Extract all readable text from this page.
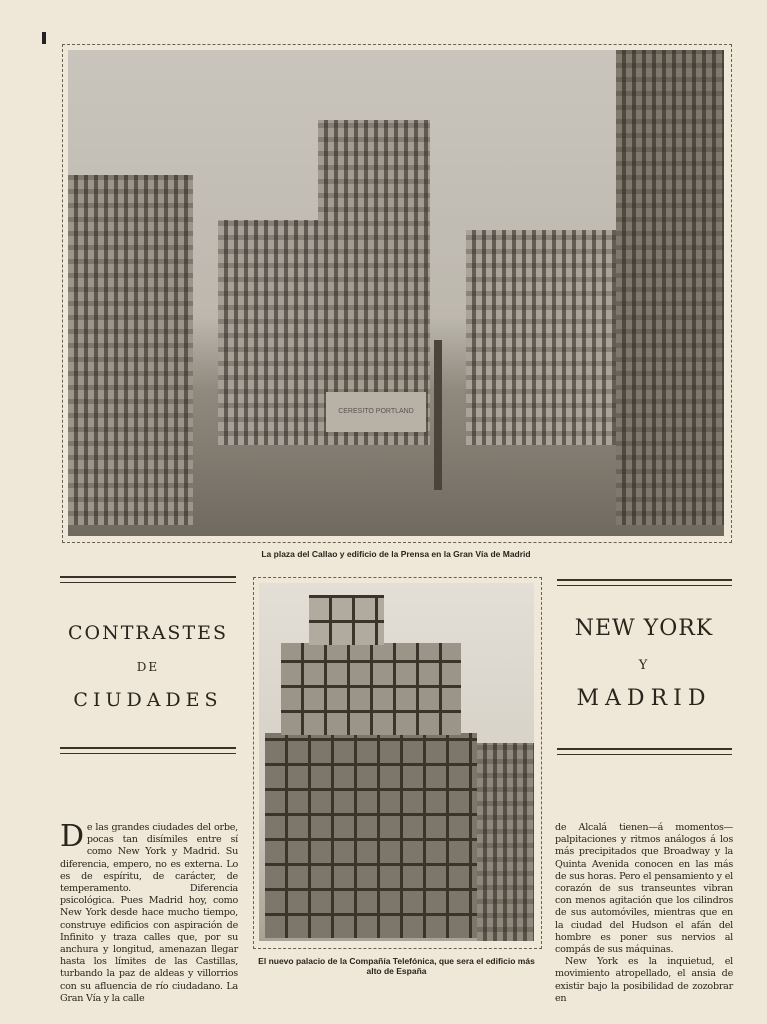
CERESITO PORTLAND
La plaza del Callao y edificio de la Prensa en la Gran Vía de Madrid
CONTRASTES
DE
CIUDADES
El nuevo palacio de la Compañía Telefónica, que sera el edificio más alto de España
NEW YORK
Y
MADRID
De las grandes ciudades del orbe, pocas tan disímiles entre sí como New York y Madrid. Su diferencia, empero, no es externa. Lo es de espíritu, de carácter, de temperamento. Diferencia psicológica. Pues Madrid hoy, como New York desde hace mucho tiempo, construye edificios con aspiración de Infinito y traza calles que, por su anchura y longitud, amenazan llegar hasta los límites de las Castillas, turbando la paz de aldeas y villorrios con su afluencia de río ciudadano. La Gran Vía y la calle
de Alcalá tienen—á momentos—palpitaciones y ritmos análogos á los más precipitados que Broadway y la Quinta Avenida conocen en las más de sus horas. Pero el pensamiento y el corazón de sus transeuntes vibran con menos agitación que los cilindros de sus automóviles, mientras que en la ciudad del Hudson el afán del hombre es poner sus nervios al compás de sus máquinas.
New York es la inquietud, el movimiento atropellado, el ansia de existir bajo la posibilidad de zozobrar en
